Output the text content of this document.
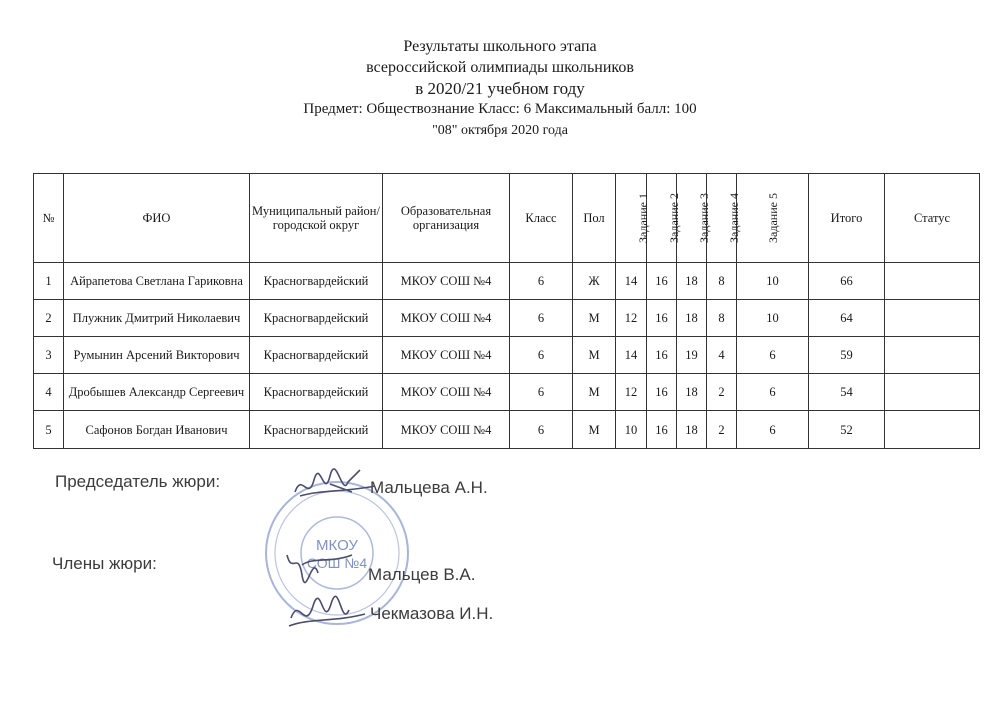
Результаты школьного этапа
всероссийской олимпиады школьников
в 2020/21 учебном году
Предмет: Обществознание Класс: 6 Максимальный балл: 100
"08" октября 2020 года
№	ФИО	Муниципальный район/городской округ	Образовательная организация	Класс	Пол	Задание 1	Задание 2	Задание 3	Задание 4	Задание 5	Итого	Статус
1	Айрапетова Светлана Гариковна	Красногвардейский	МКОУ СОШ №4	6	Ж	14	16	18	8	10	66	
2	Плужник Дмитрий Николаевич	Красногвардейский	МКОУ СОШ №4	6	М	12	16	18	8	10	64	
3	Румынин Арсений Викторович	Красногвардейский	МКОУ СОШ №4	6	М	14	16	19	4	6	59	
4	Дробышев Александр Сергеевич	Красногвардейский	МКОУ СОШ №4	6	М	12	16	18	2	6	54	
5	Сафонов Богдан Иванович	Красногвардейский	МКОУ СОШ №4	6	М	10	16	18	2	6	52	
МКОУ
СОШ №4
Председатель жюри:	Мальцева А.Н.
Члены жюри:
Мальцев В.А.
Чекмазова И.Н.
